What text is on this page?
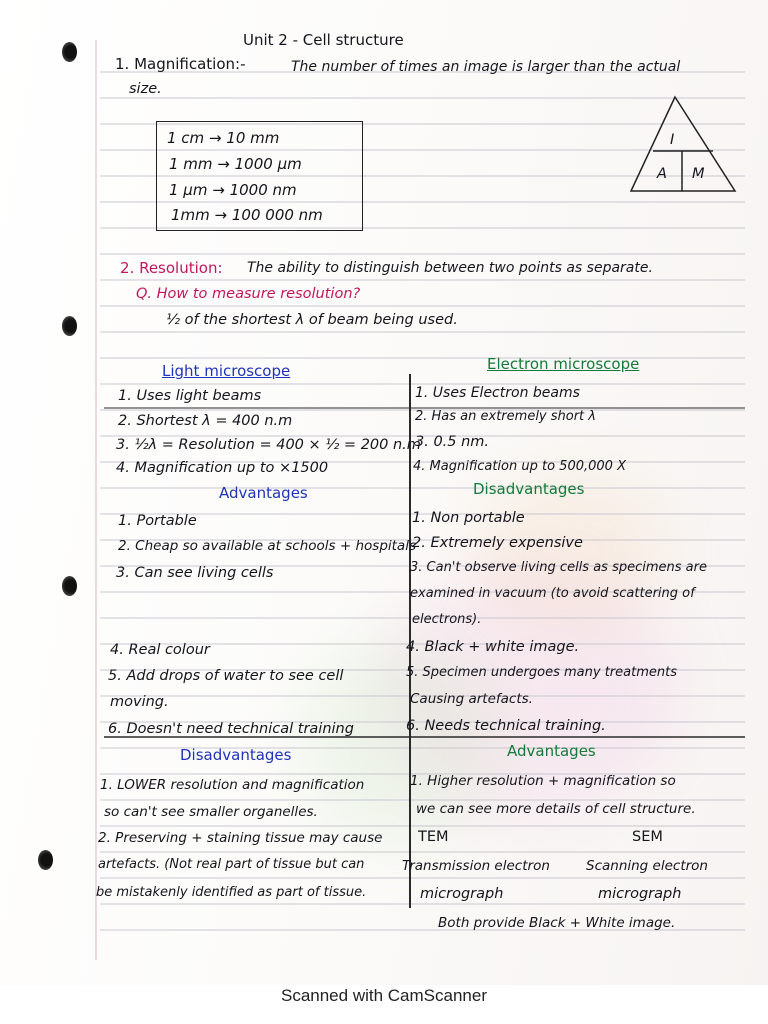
Unit 2 - Cell structure
1. Magnification:-	The number of times an image is larger than the actual
size.
1 cm → 10 mm
1 mm → 1000 μm
1 μm → 1000 nm
1mm → 100 000 nm
I
A M
2. Resolution: The ability to distinguish between two points as separate.
Q. How to measure resolution?
½ of the shortest λ of beam being used.
Light microscope	Electron microscope
1. Uses light beams
2. Shortest λ = 400 n.m
3. ½λ = Resolution = 400 × ½ = 200 n.m
4. Magnification up to ×1500
1. Uses Electron beams
2. Has an extremely short λ
3. 0.5 nm.
4. Magnification up to 500,000 X
Advantages
1. Portable
2. Cheap so available at schools + hospitals
3. Can see living cells
4. Real colour
5. Add drops of water to see cell
moving.
6. Doesn't need technical training
Disadvantages
1. Non portable
2. Extremely expensive
3. Can't observe living cells as specimens are
examined in vacuum (to avoid scattering of
electrons).
4. Black + white image.
5. Specimen undergoes many treatments
Causing artefacts.
6. Needs technical training.
Disadvantages
1. LOWER resolution and magnification
so can't see smaller organelles.
2. Preserving + staining tissue may cause
artefacts. (Not real part of tissue but can
be mistakenly identified as part of tissue.
Advantages
1. Higher resolution + magnification so
we can see more details of cell structure.
TEM	SEM
Transmission electron	Scanning electron
micrograph	micrograph
Both provide Black + White image.
Scanned with CamScanner
